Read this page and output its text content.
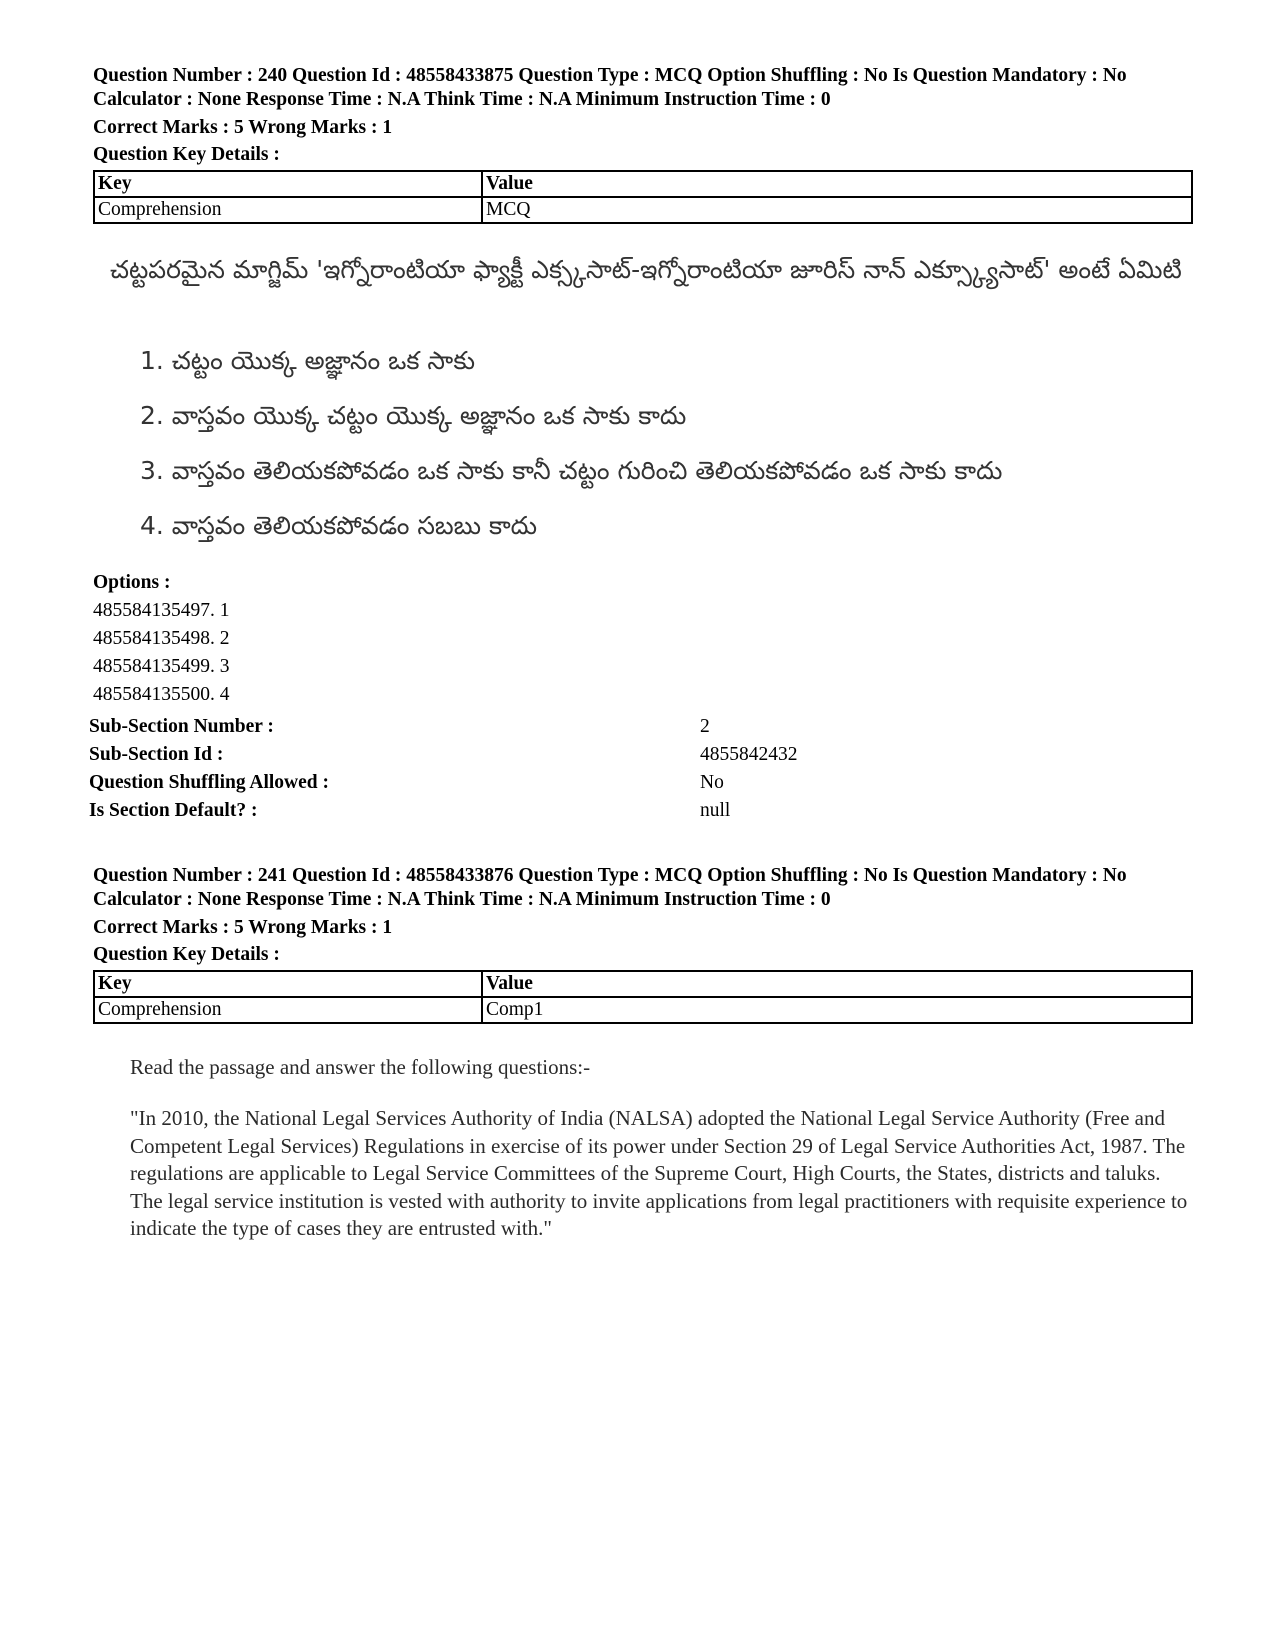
Question Number : 240 Question Id : 48558433875 Question Type : MCQ Option Shuffling : No Is Question Mandatory : No Calculator : None Response Time : N.A Think Time : N.A Minimum Instruction Time : 0
Correct Marks : 5 Wrong Marks : 1
Question Key Details :
Key	Value
Comprehension	MCQ
చట్టపరమైన మాగ్జిమ్ 'ఇగ్నోరాంటియా ఫ్యాక్టీ ఎక్స్కసాట్-ఇగ్నోరాంటియా జూరిస్ నాన్ ఎక్స్క్యూసాట్' అంటే ఏమిటి
1. చట్టం యొక్క అజ్ఞానం ఒక సాకు
2. వాస్తవం యొక్క చట్టం యొక్క అజ్ఞానం ఒక సాకు కాదు
3. వాస్తవం తెలియకపోవడం ఒక సాకు కానీ చట్టం గురించి తెలియకపోవడం ఒక సాకు కాదు
4. వాస్తవం తెలియకపోవడం సబబు కాదు
Options :
485584135497. 1
485584135498. 2
485584135499. 3
485584135500. 4
Sub-Section Number :	2
Sub-Section Id :	4855842432
Question Shuffling Allowed :	No
Is Section Default? :	null
Question Number : 241 Question Id : 48558433876 Question Type : MCQ Option Shuffling : No Is Question Mandatory : No Calculator : None Response Time : N.A Think Time : N.A Minimum Instruction Time : 0
Correct Marks : 5 Wrong Marks : 1
Question Key Details :
Key	Value
Comprehension	Comp1
Read the passage and answer the following questions:-
"In 2010, the National Legal Services Authority of India (NALSA) adopted the National Legal Service Authority (Free and Competent Legal Services) Regulations in exercise of its power under Section 29 of Legal Service Authorities Act, 1987. The regulations are applicable to Legal Service Committees of the Supreme Court, High Courts, the States, districts and taluks. The legal service institution is vested with authority to invite applications from legal practitioners with requisite experience to indicate the type of cases they are entrusted with."
